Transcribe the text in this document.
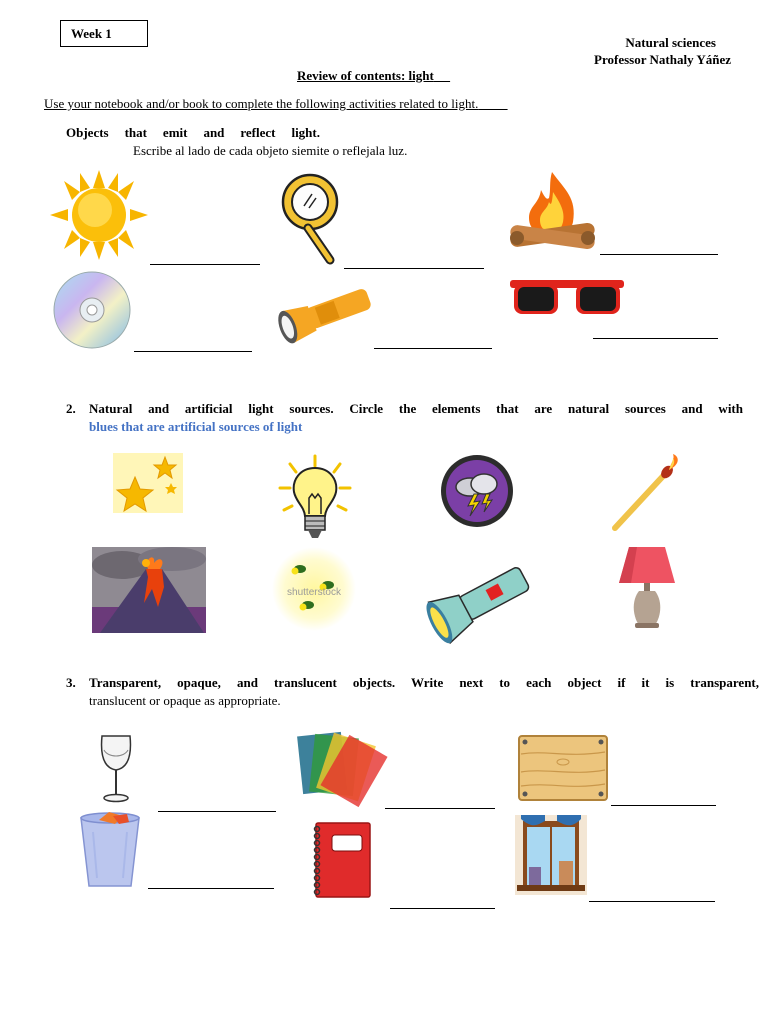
Week 1
Natural sciences
Professor Nathaly Yáñez
Review of contents: light
Use your notebook and/or book to complete the following activities related to light.
Objects that emit and reflect light.
Escribe al lado de cada objeto siemite o reflejala luz.
2. Natural and artificial light sources. Circle the elements that are natural sources and with
blues that are artificial sources of light
shutterstock
3. Transparent, opaque, and translucent objects. Write next to each object if it is transparent,
translucent or opaque as appropriate.
